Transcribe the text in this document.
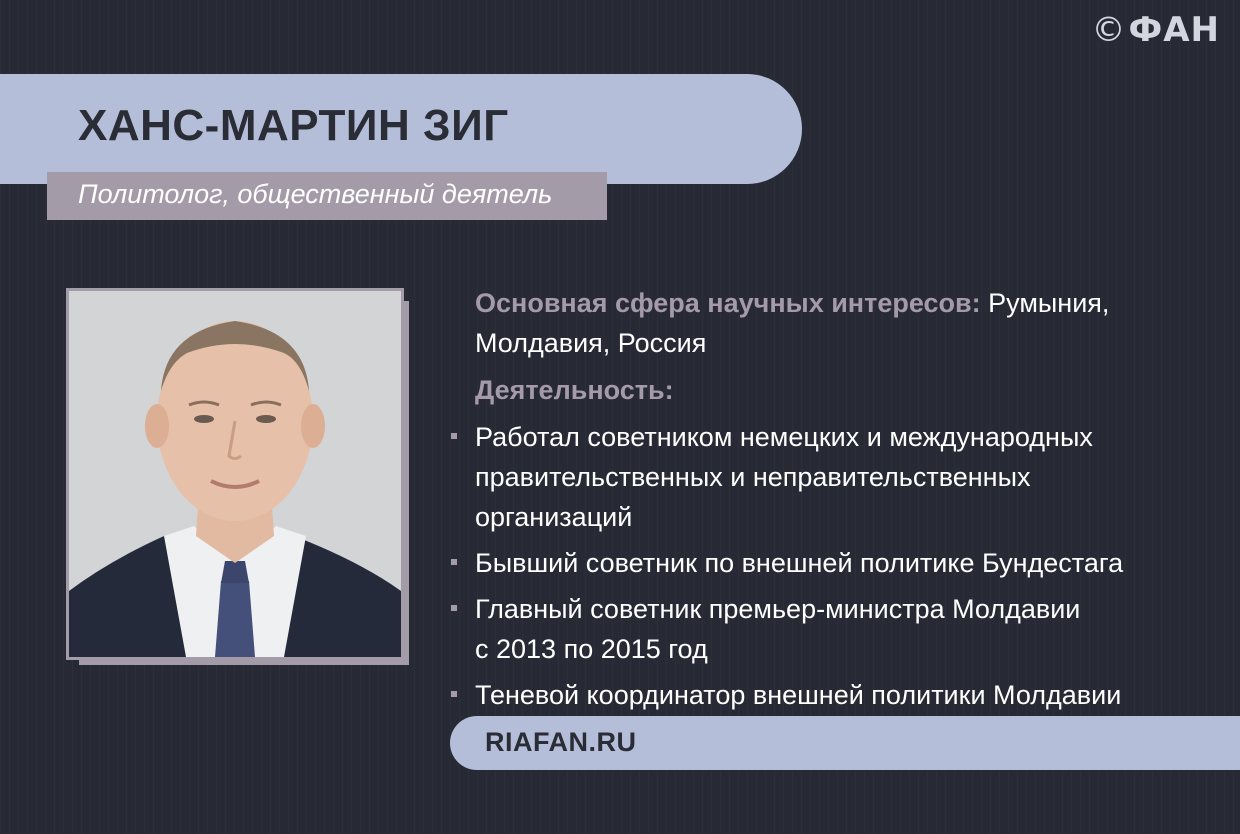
©ФАН
ХАНС-МАРТИН ЗИГ
Политолог, общественный деятель

Основная сфера научных интересов: Румыния, Молдавия, Россия

Деятельность:

Работал советником немецких и международных правительственных и неправительственных организаций
Бывший советник по внешней политике Бундестага
Главный советник премьер-министра Молдавии с 2013 по 2015 год
Теневой координатор внешней политики Молдавии
RIAFAN.RU
